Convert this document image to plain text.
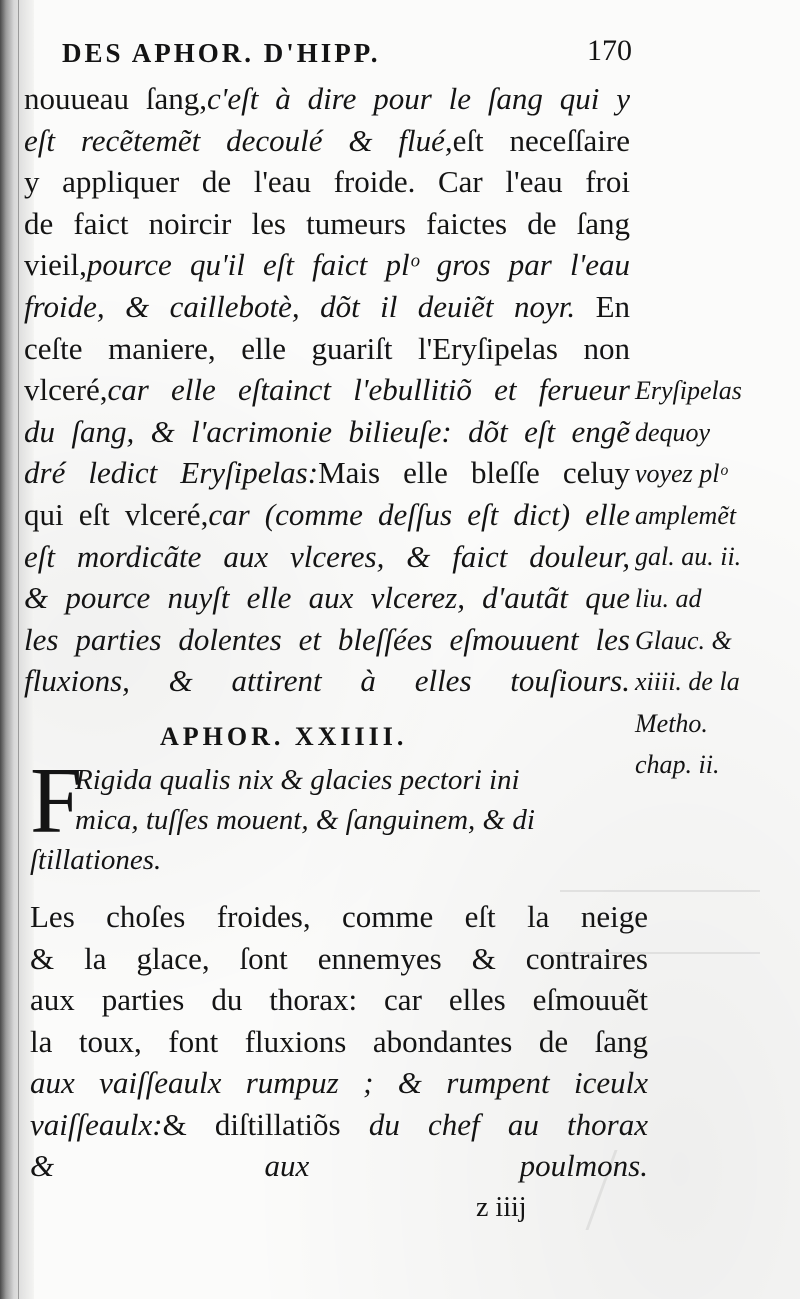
DES APHOR. D'HIPP.	170
nouueau ſang,c'eſt à dire pour le ſang qui y
eſt recẽtemẽt decoulé & flué,eſt neceſſaire
y appliquer de l'eau froide. Car l'eau froi
de faict noircir les tumeurs faictes de ſang
vieil,pource qu'il eſt faict plᵒ gros par l'eau
froide, & caillebotè, dõt il deuiẽt noyr. En
ceſte maniere, elle guariſt l'Eryſipelas non
vlceré,car elle eſtainct l'ebullitiõ et ferueur
du ſang, & l'acrimonie bilieuſe: dõt eſt engẽ
dré ledict Eryſipelas:Mais elle bleſſe celuy
qui eſt vlceré,car (comme deſſus eſt dict) elle
eſt mordicãte aux vlceres, & faict douleur,
& pource nuyſt elle aux vlcerez, d'autãt que
les parties dolentes et bleſſées eſmouuent les
fluxions, & attirent à elles touſiours.
Eryſipelas
dequoy
voyez plᵒ
amplemẽt
gal. au. ii.
liu. ad
Glauc. &
xiiii. de la
Metho.
chap. ii.
APHOR. XXIIII.
F
Rigida qualis nix & glacies pectori ini
mica, tuſſes mouent, & ſanguinem, & di
ſtillationes.
Les choſes froides, comme eſt la neige
& la glace, ſont ennemyes & contraires
aux parties du thorax: car elles eſmouuẽt
la toux, font fluxions abondantes de ſang
aux vaiſſeaulx rumpuz ; & rumpent iceulx
vaiſſeaulx:& diſtillatiõs du chef au thorax
& aux poulmons.
z iiij
